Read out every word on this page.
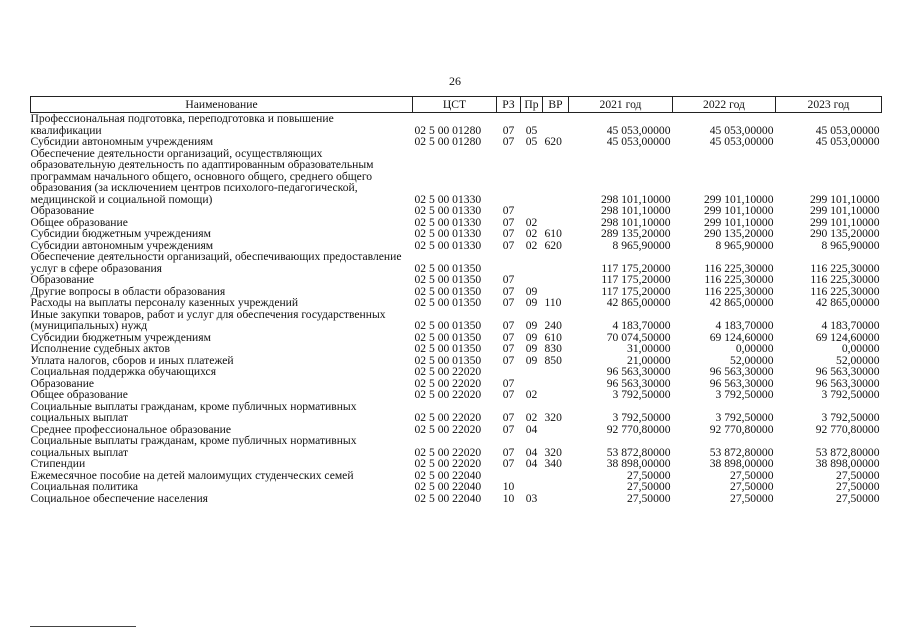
26
Наименование	ЦСТ	РЗ	Пр	ВР	2021 год	2022 год	2023 год
Профессиональная подготовка, переподготовка и повышение квалификации	02 5 00 01280	07	05		45 053,00000	45 053,00000	45 053,00000
Субсидии автономным учреждениям	02 5 00 01280	07	05	620	45 053,00000	45 053,00000	45 053,00000
Обеспечение деятельности организаций, осуществляющих образовательную деятельность по адаптированным образовательным программам начального общего, основного общего, среднего общего образования (за исключением центров психолого-педагогической, медицинской и социальной помощи)	02 5 00 01330				298 101,10000	299 101,10000	299 101,10000
Образование	02 5 00 01330	07			298 101,10000	299 101,10000	299 101,10000
Общее образование	02 5 00 01330	07	02		298 101,10000	299 101,10000	299 101,10000
Субсидии бюджетным учреждениям	02 5 00 01330	07	02	610	289 135,20000	290 135,20000	290 135,20000
Субсидии автономным учреждениям	02 5 00 01330	07	02	620	8 965,90000	8 965,90000	8 965,90000
Обеспечение деятельности организаций, обеспечивающих предоставление услуг в сфере образования	02 5 00 01350				117 175,20000	116 225,30000	116 225,30000
Образование	02 5 00 01350	07			117 175,20000	116 225,30000	116 225,30000
Другие вопросы в области образования	02 5 00 01350	07	09		117 175,20000	116 225,30000	116 225,30000
Расходы на выплаты персоналу казенных учреждений	02 5 00 01350	07	09	110	42 865,00000	42 865,00000	42 865,00000
Иные закупки товаров, работ и услуг для обеспечения государственных (муниципальных) нужд	02 5 00 01350	07	09	240	4 183,70000	4 183,70000	4 183,70000
Субсидии бюджетным учреждениям	02 5 00 01350	07	09	610	70 074,50000	69 124,60000	69 124,60000
Исполнение судебных актов	02 5 00 01350	07	09	830	31,00000	0,00000	0,00000
Уплата налогов, сборов и иных платежей	02 5 00 01350	07	09	850	21,00000	52,00000	52,00000
Социальная поддержка обучающихся	02 5 00 22020				96 563,30000	96 563,30000	96 563,30000
Образование	02 5 00 22020	07			96 563,30000	96 563,30000	96 563,30000
Общее образование	02 5 00 22020	07	02		3 792,50000	3 792,50000	3 792,50000
Социальные выплаты гражданам, кроме публичных нормативных социальных выплат	02 5 00 22020	07	02	320	3 792,50000	3 792,50000	3 792,50000
Среднее профессиональное образование	02 5 00 22020	07	04		92 770,80000	92 770,80000	92 770,80000
Социальные выплаты гражданам, кроме публичных нормативных социальных выплат	02 5 00 22020	07	04	320	53 872,80000	53 872,80000	53 872,80000
Стипендии	02 5 00 22020	07	04	340	38 898,00000	38 898,00000	38 898,00000
Ежемесячное пособие на детей малоимущих студенческих семей	02 5 00 22040				27,50000	27,50000	27,50000
Социальная политика	02 5 00 22040	10			27,50000	27,50000	27,50000
Социальное обеспечение населения	02 5 00 22040	10	03		27,50000	27,50000	27,50000
